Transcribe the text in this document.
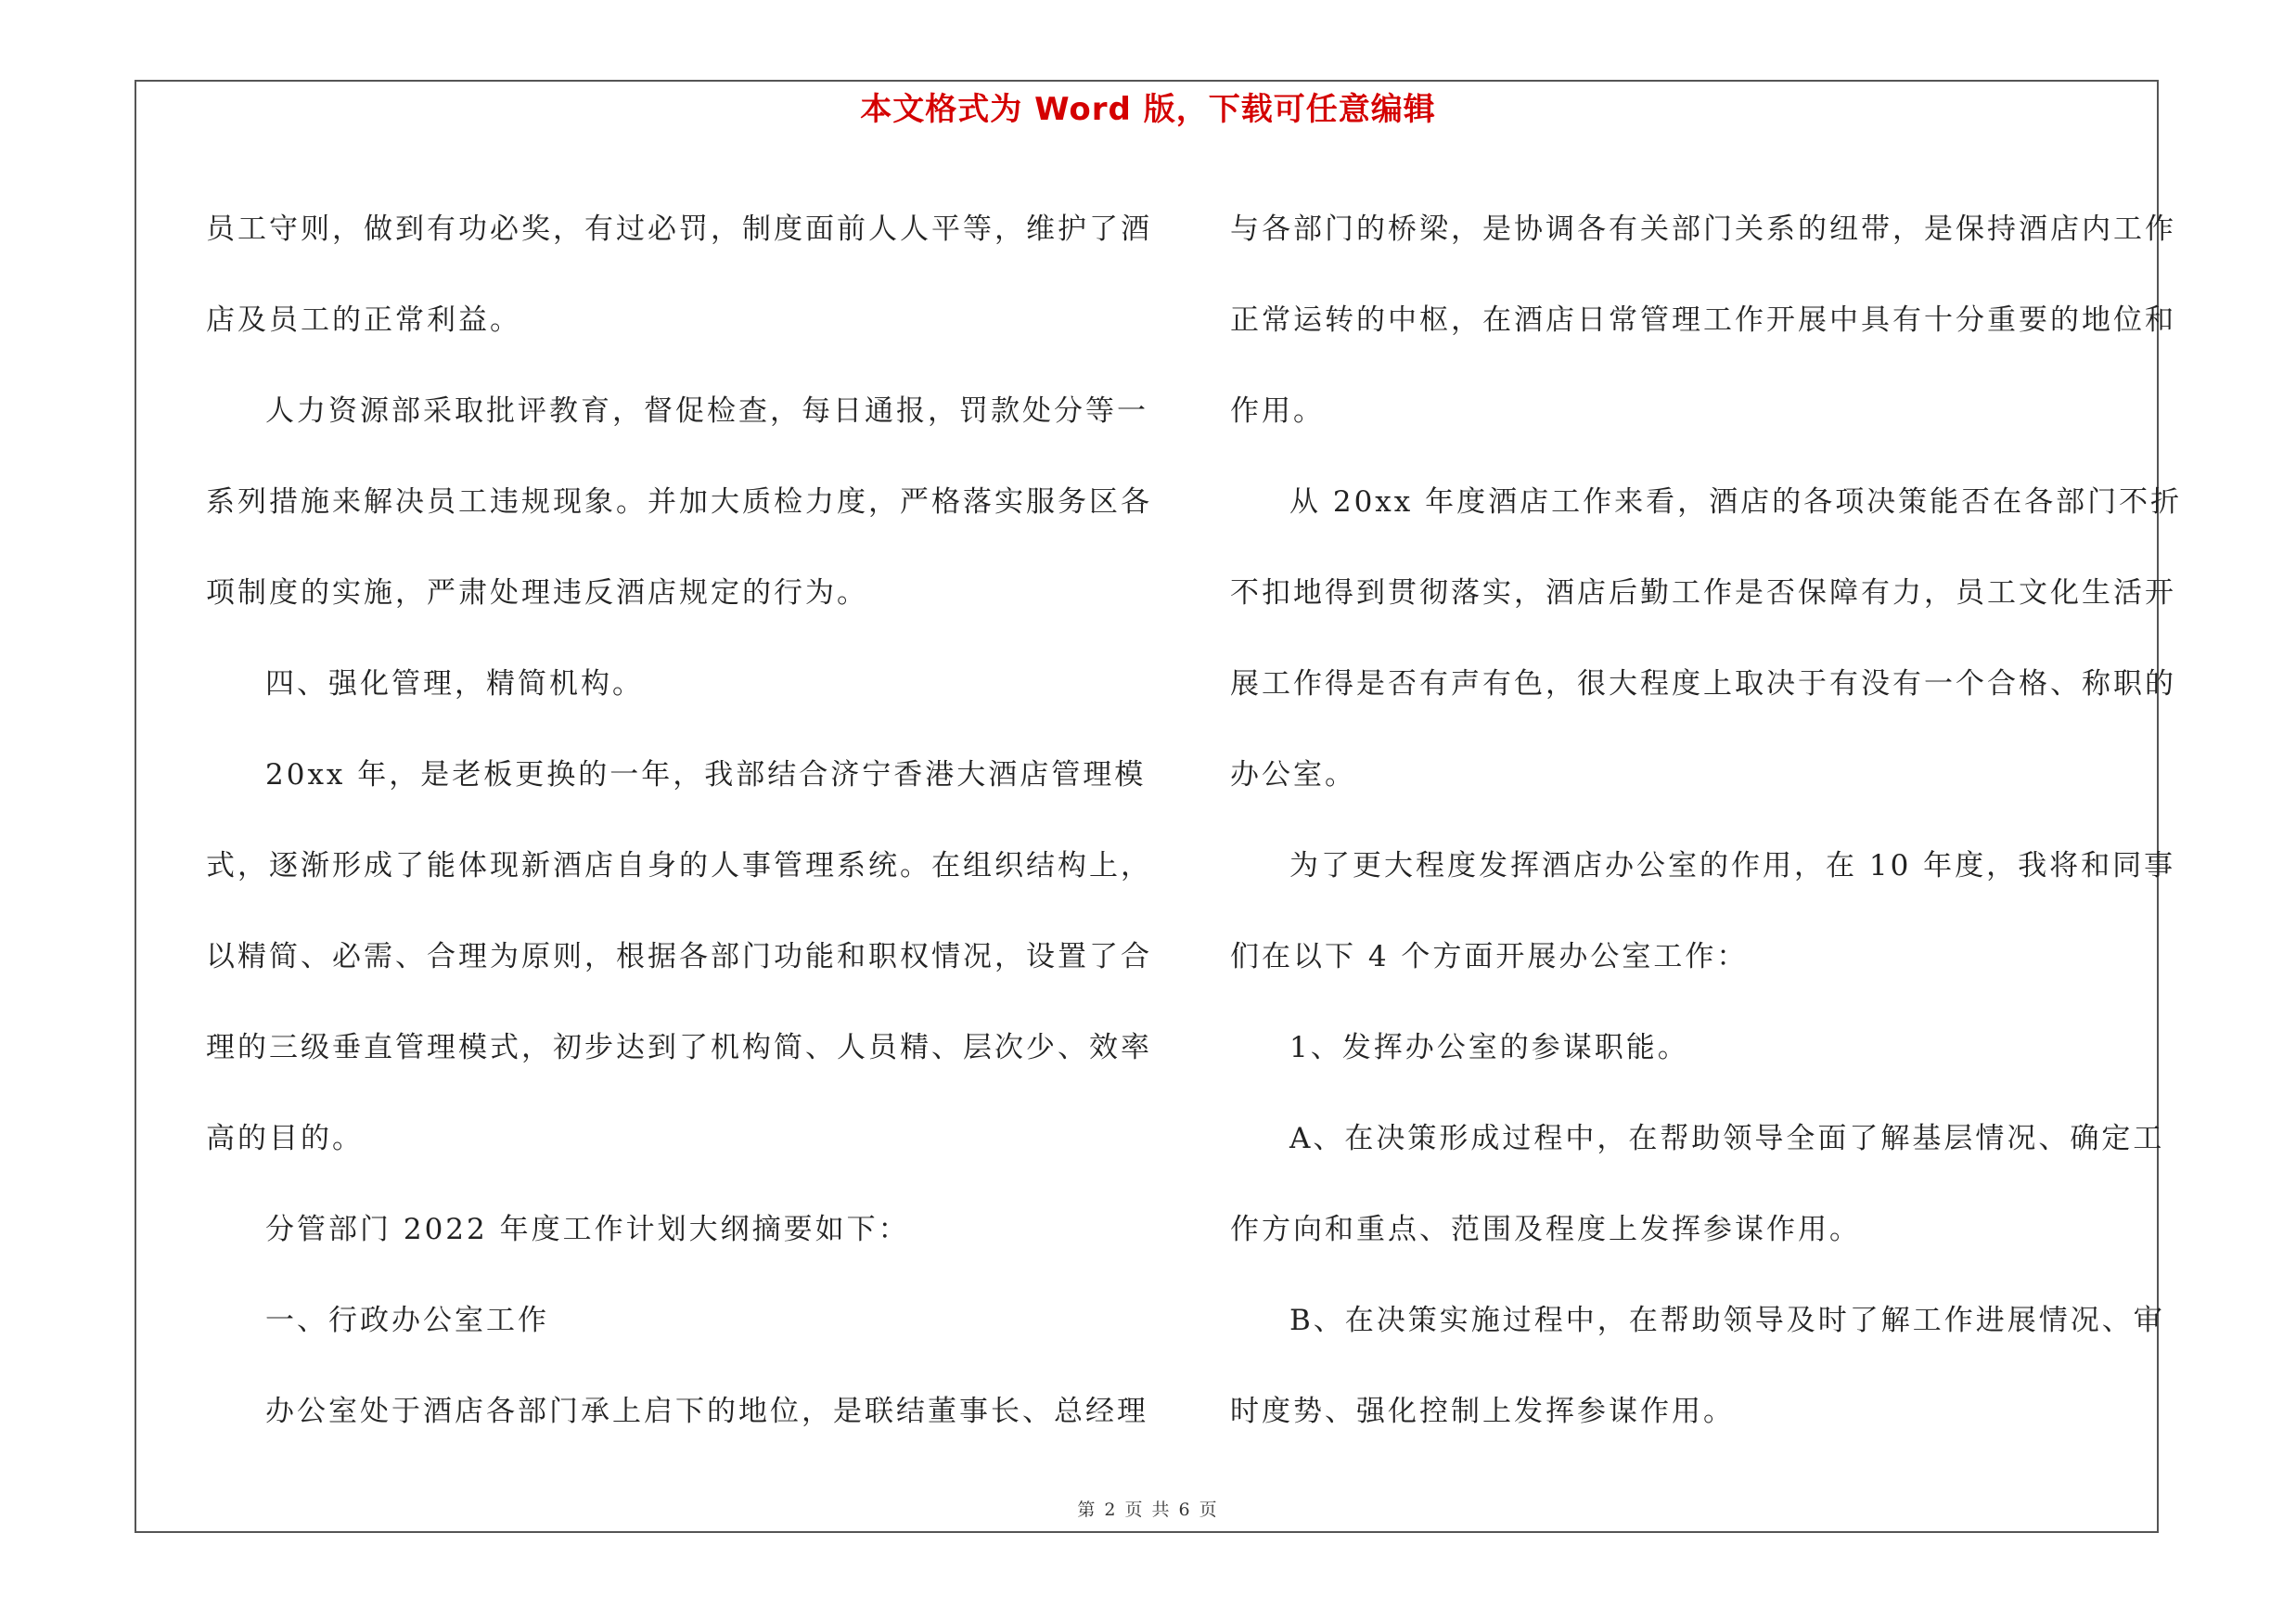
本文格式为 Word 版，下载可任意编辑

员工守则，做到有功必奖，有过必罚，制度面前人人平等，维护了酒

店及员工的正常利益。

人力资源部采取批评教育，督促检查，每日通报，罚款处分等一

系列措施来解决员工违规现象。并加大质检力度，严格落实服务区各

项制度的实施，严肃处理违反酒店规定的行为。

四、强化管理，精简机构。

20xx 年，是老板更换的一年，我部结合济宁香港大酒店管理模

式，逐渐形成了能体现新酒店自身的人事管理系统。在组织结构上，

以精简、必需、合理为原则，根据各部门功能和职权情况，设置了合

理的三级垂直管理模式，初步达到了机构简、人员精、层次少、效率

高的目的。

分管部门 2022 年度工作计划大纲摘要如下：

一、行政办公室工作

办公室处于酒店各部门承上启下的地位，是联结董事长、总经理

与各部门的桥梁，是协调各有关部门关系的纽带，是保持酒店内工作

正常运转的中枢，在酒店日常管理工作开展中具有十分重要的地位和

作用。

从 20xx 年度酒店工作来看，酒店的各项决策能否在各部门不折

不扣地得到贯彻落实，酒店后勤工作是否保障有力，员工文化生活开

展工作得是否有声有色，很大程度上取决于有没有一个合格、称职的

办公室。

为了更大程度发挥酒店办公室的作用，在 10 年度，我将和同事

们在以下 4 个方面开展办公室工作：

1、发挥办公室的参谋职能。

A、在决策形成过程中，在帮助领导全面了解基层情况、确定工

作方向和重点、范围及程度上发挥参谋作用。

B、在决策实施过程中，在帮助领导及时了解工作进展情况、审

时度势、强化控制上发挥参谋作用。

第 2 页 共 6 页
